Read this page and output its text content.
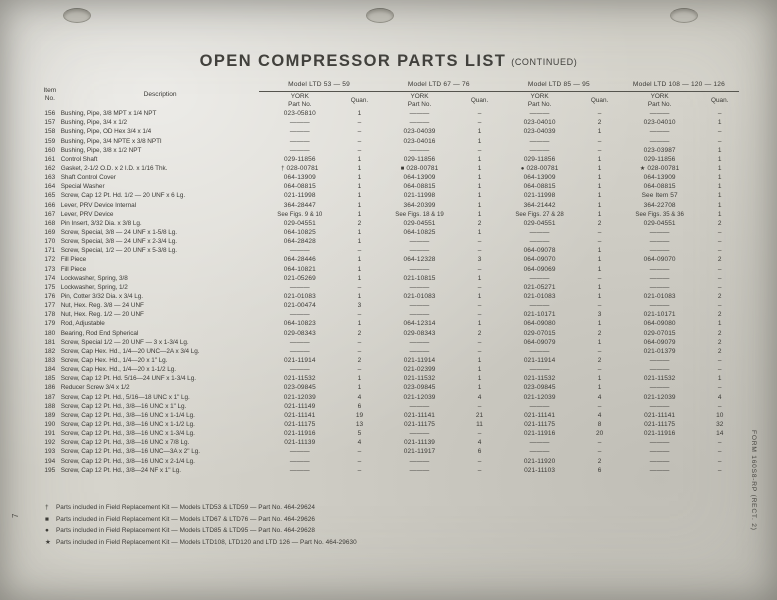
OPEN COMPRESSOR PARTS LIST (CONTINUED)
Item
No.	Description	Model LTD 53 — 59		Model LTD 67 — 76		Model LTD 85 — 95		Model LTD 108 — 120 — 126	
		YORK
Part No.	Quan.	YORK
Part No.	Quan.	YORK
Part No.	Quan.	YORK
Part No.	Quan.
156	Bushing, Pipe, 3/8 MPT x 1/4 NPT	023-05810	1	———	–	———	–	———	–
157	Bushing, Pipe, 3/4 x 1/2	———	–	———	–	023-04010	2	023-04010	1
158	Bushing, Pipe, OD Hex 3/4 x 1/4	———	–	023-04039	1	023-04039	1	———	–
159	Bushing, Pipe, 3/4 NPTE x 3/8 NPTI	———	–	023-04016	1	———	–	———	–
160	Bushing, Pipe, 3/8 x 1/2 NPT	———	–	———	–	———	–	023-03987	1
161	Control Shaft	029-11856	1	029-11856	1	029-11856	1	029-11856	1
162	Gasket, 2-1/2 O.D. x 2 I.D. x 1/16 Thk.	† 028-00781	1	■ 028-00781	1	● 028-00781	1	★ 028-00781	1
163	Shaft Control Cover	064-13909	1	064-13909	1	064-13909	1	064-13909	1
164	Special Washer	064-08815	1	064-08815	1	064-08815	1	064-08815	1
165	Screw, Cap 12 Pt. Hd. 1/2 — 20 UNF x 6 Lg.	021-11998	1	021-11998	1	021-11998	1	See Item 57	1
166	Lever, PRV Device Internal	364-28447	1	364-20399	1	364-21442	1	364-22708	1
167	Lever, PRV Device	See Figs. 9 & 10	1	See Figs. 18 & 19	1	See Figs. 27 & 28	1	See Figs. 35 & 36	1
168	Pin Insert, 3/32 Dia. x 3/8 Lg.	029-04551	2	029-04551	2	029-04551	2	029-04551	2
169	Screw, Special, 3/8 — 24 UNF x 1-5/8 Lg.	064-10825	1	064-10825	1	———	–	———	–
170	Screw, Special, 3/8 — 24 UNF x 2-3/4 Lg.	064-28428	1	———	–	———	–	———	–
171	Screw, Special, 1/2 — 20 UNF x 5-3/8 Lg.	———	–	———	–	064-09078	1	———	–
172	Fill Piece	064-28446	1	064-12328	3	064-09070	1	064-09070	2
173	Fill Piece	064-10821	1	———	–	064-09069	1	———	–
174	Lockwasher, Spring, 3/8	021-05269	1	021-10815	1	———	–	———	–
175	Lockwasher, Spring, 1/2	———	–	———	–	021-05271	1	———	–
176	Pin, Cotter 3/32 Dia. x 3/4 Lg.	021-01083	1	021-01083	1	021-01083	1	021-01083	2
177	Nut, Hex. Reg. 3/8 — 24 UNF	021-00474	3	———	–	———	–	———	–
178	Nut, Hex. Reg. 1/2 — 20 UNF	———	–	———	–	021-10171	3	021-10171	2
179	Rod, Adjustable	064-10823	1	064-12314	1	064-09080	1	064-09080	1
180	Bearing, Rod End Spherical	029-08343	2	029-08343	2	029-07015	2	029-07015	2
181	Screw, Special 1/2 — 20 UNF — 3 x 1-3/4 Lg.	———	–	———	–	064-09079	1	064-09079	2
182	Screw, Cap Hex. Hd., 1/4—20 UNC—2A x 3/4 Lg.	———	–	———	–	———	–	021-01379	2
183	Screw, Cap Hex. Hd., 1/4—20 x 1" Lg.	021-11914	2	021-11914	1	021-11914	2	———	–
184	Screw, Cap Hex. Hd., 1/4—20 x 1-1/2 Lg.	———	–	021-02399	1	———	–	———	–
185	Screw, Cap 12 Pt. Hd. 5/16—24 UNF x 1-3/4 Lg.	021-11532	1	021-11532	1	021-11532	1	021-11532	1
186	Reducer Screw 3/4 x 1/2	023-09845	1	023-09845	1	023-09845	1	———	–
187	Screw, Cap 12 Pt. Hd., 5/16—18 UNC x 1" Lg.	021-12039	4	021-12039	4	021-12039	4	021-12039	4
188	Screw, Cap 12 Pt. Hd., 3/8—16 UNC x 1" Lg.	021-11149	6	———	–	———	–	———	–
189	Screw, Cap 12 Pt. Hd., 3/8—16 UNC x 1-1/4 Lg.	021-11141	19	021-11141	21	021-11141	4	021-11141	10
190	Screw, Cap 12 Pt. Hd., 3/8—16 UNC x 1-1/2 Lg.	021-11175	13	021-11175	11	021-11175	8	021-11175	32
191	Screw, Cap 12 Pt. Hd., 3/8—16 UNC x 1-3/4 Lg.	021-11916	5	———	–	021-11916	20	021-11916	14
192	Screw, Cap 12 Pt. Hd., 3/8—16 UNC x 7/8 Lg.	021-11139	4	021-11139	4	———	–	———	–
193	Screw, Cap 12 Pt. Hd., 3/8—16 UNC—3A x 2" Lg.	———	–	021-11917	6	———	–	———	–
194	Screw, Cap 12 Pt. Hd., 3/8—16 UNC x 2-1/4 Lg.	———	–	———	–	021-11920	2	———	–
195	Screw, Cap 12 Pt. Hd., 3/8—24 NF x 1" Lg.	———	–	———	–	021-11103	6	———	–
†	Parts included in Field Replacement Kit — Models LTD53 & LTD59 — Part No. 464-29624
■	Parts included in Field Replacement Kit — Models LTD67 & LTD76 — Part No. 464-29626
●	Parts included in Field Replacement Kit — Models LTD85 & LTD95 — Part No. 464-29628
★ Parts included in Field Replacement Kit — Models LTD108, LTD120 and LTD 126 — Part No. 464-29630
7	FORM 160S8-RP (RECT. 2)
